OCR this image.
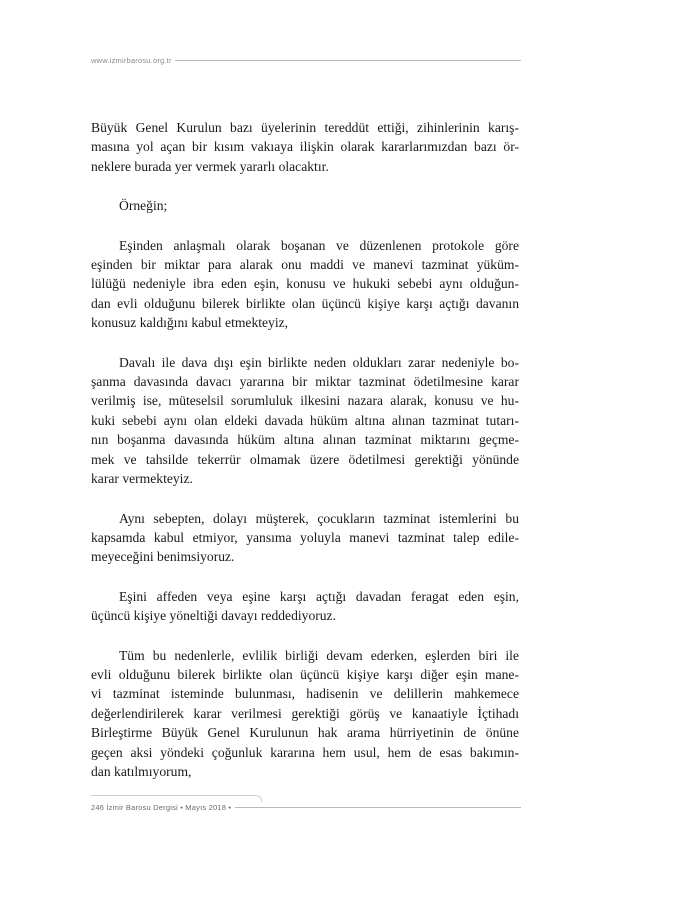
www.izmirbarosu.org.tr

Büyük Genel Kurulun bazı üyelerinin tereddüt ettiği, zihinlerinin karış-
masına yol açan bir kısım vakıaya ilişkin olarak kararlarımızdan bazı ör-
neklere burada yer vermek yararlı olacaktır.

Örneğin;

Eşinden anlaşmalı olarak boşanan ve düzenlenen protokole göre
eşinden bir miktar para alarak onu maddi ve manevi tazminat yüküm-
lülüğü nedeniyle ibra eden eşin, konusu ve hukuki sebebi aynı olduğun-
dan evli olduğunu bilerek birlikte olan üçüncü kişiye karşı açtığı davanın
konusuz kaldığını kabul etmekteyiz,

Davalı ile dava dışı eşin birlikte neden oldukları zarar nedeniyle bo-
şanma davasında davacı yararına bir miktar tazminat ödetilmesine karar
verilmiş ise, müteselsil sorumluluk ilkesini nazara alarak, konusu ve hu-
kuki sebebi aynı olan eldeki davada hüküm altına alınan tazminat tutarı-
nın boşanma davasında hüküm altına alınan tazminat miktarını geçme-
mek ve tahsilde tekerrür olmamak üzere ödetilmesi gerektiği yönünde
karar vermekteyiz.

Aynı sebepten, dolayı müşterek, çocukların tazminat istemlerini bu
kapsamda kabul etmiyor, yansıma yoluyla manevi tazminat talep edile-
meyeceğini benimsiyoruz.

Eşini affeden veya eşine karşı açtığı davadan feragat eden eşin,
üçüncü kişiye yöneltiği davayı reddediyoruz.

Tüm bu nedenlerle, evlilik birliği devam ederken, eşlerden biri ile
evli olduğunu bilerek birlikte olan üçüncü kişiye karşı diğer eşin mane-
vi tazminat isteminde bulunması, hadisenin ve delillerin mahkemece
değerlendirilerek karar verilmesi gerektiği görüş ve kanaatiyle İçtihadı
Birleştirme Büyük Genel Kurulunun hak arama hürriyetinin de önüne
geçen aksi yöndeki çoğunluk kararına hem usul, hem de esas bakımın-
dan katılmıyorum,

246 İzmir Barosu Dergisi • Mayıs 2018 •
